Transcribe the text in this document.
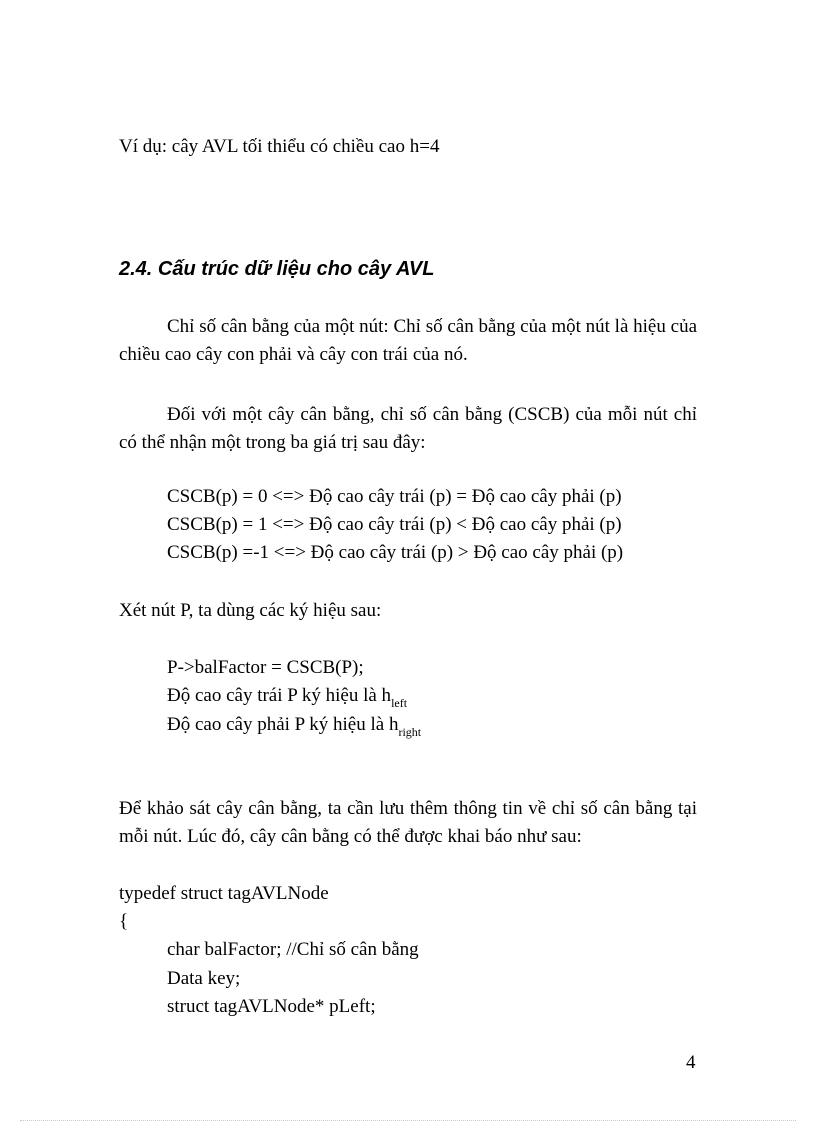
Ví dụ: cây AVL tối thiểu có chiều cao h=4
2.4. Cấu trúc dữ liệu cho cây AVL
Chỉ số cân bằng của một nút: Chỉ số cân bằng của một nút là hiệu của chiều cao cây con phải và cây con trái của nó.
Đối với một cây cân bằng, chỉ số cân bằng (CSCB) của mỗi nút chỉ có thể nhận một trong ba giá trị sau đây:
CSCB(p) = 0 <=> Độ cao cây trái (p) = Độ cao cây phải (p)
CSCB(p) = 1 <=> Độ cao cây trái (p) < Độ cao cây phải (p)
CSCB(p) =-1 <=> Độ cao cây trái (p) > Độ cao cây phải (p)
Xét nút P, ta dùng các ký hiệu sau:
P->balFactor = CSCB(P);
Độ cao cây trái P ký hiệu là $h_{left}$
Độ cao cây phải P ký hiệu là $h_{right}$
Để khảo sát cây cân bằng, ta cần lưu thêm thông tin về chỉ số cân bằng tại mỗi nút. Lúc đó, cây cân bằng có thể được khai báo như sau:
typedef struct tagAVLNode
{
char balFactor; //Chỉ số cân bằng
Data key;
struct tagAVLNode* pLeft;
4
